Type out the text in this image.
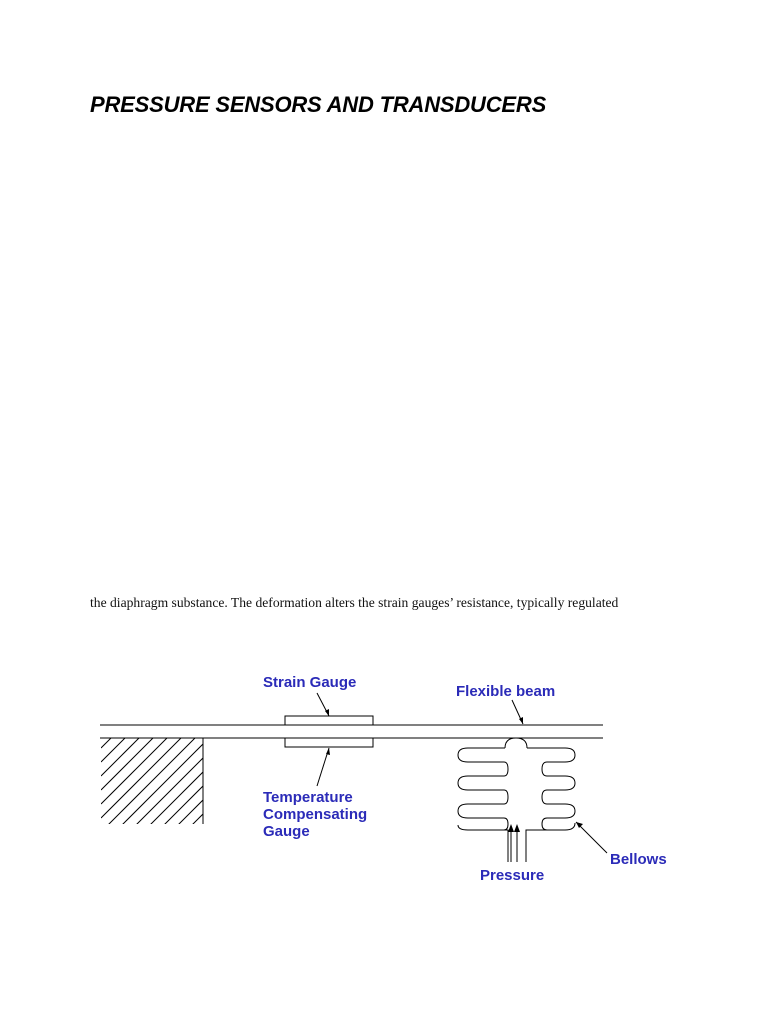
PRESSURE SENSORS AND TRANSDUCERS

the diaphragm substance. The deformation alters the strain gauges’ resistance, typically regulated

Strain Gauge
Flexible beam
Temperature
Compensating
Gauge
Pressure
Bellows
